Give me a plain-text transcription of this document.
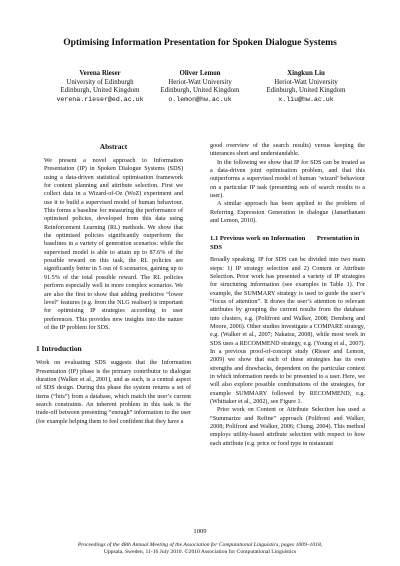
Optimising Information Presentation for Spoken Dialogue Systems
Verena Rieser
University of Edinburgh
Edinburgh, United Kingdom
verena.rieser@ed.ac.uk
Oliver Lemon
Heriot-Watt University
Edinburgh, United Kingdom
o.lemon@hw.ac.uk
Xingkun Liu
Heriot-Watt University
Edinburgh, United Kingdom
x.liu@hw.ac.uk
Abstract

We present a novel approach to Information Presentation (IP) in Spoken Dialogue Systems (SDS) using a data-driven statistical optimisation framework for content planning and attribute selection. First we collect data in a Wizard-of-Oz (WoZ) experiment and use it to build a supervised model of human behaviour. This forms a baseline for measuring the performance of optimised policies, developed from this data using Reinforcement Learning (RL) methods. We show that the optimised policies significantly outperform the baselines in a variety of generation scenarios: while the supervised model is able to attain up to 87.6% of the possible reward on this task, the RL policies are significantly better in 5 out of 6 scenarios, gaining up to 91.5% of the total possible reward. The RL policies perform especially well in more complex scenarios. We are also the first to show that adding predictive “lower level” features (e.g. from the NLG realiser) is important for optimising IP strategies according to user preferences. This provides new insights into the nature of the IP problem for SDS.

1 Introduction

Work on evaluating SDS suggests that the Information Presentation (IP) phase is the primary contributor to dialogue duration (Walker et al., 2001), and as such, is a central aspect of SDS design. During this phase the system returns a set of items (“hits”) from a database, which match the user’s current search constraints. An inherent problem in this task is the trade-off between presenting “enough” information to the user (for example helping them to feel confident that they have a

good overview of the search results) versus keeping the utterances short and understandable.

In the following we show that IP for SDS can be treated as a data-driven joint optimisation problem, and that this outperforms a supervised model of human ‘wizard’ behaviour on a particular IP task (presenting sets of search results to a user).

A similar approach has been applied to the problem of Referring Expression Generation in dialogue (Janarthanam and Lemon, 2010).

1.1 Previous work on Information       Presentation in SDS

Broadly speaking, IP for SDS can be divided into two main steps: 1) IP strategy selection and 2) Content or Attribute Selection. Prior work has presented a variety of IP strategies for structuring information (see examples in Table 1). For example, the SUMMARY strategy is used to guide the user’s “focus of attention”. It draws the user’s attention to relevant attributes by grouping the current results from the database into clusters, e.g. (Polifroni and Walker, 2008; Demberg and Moore, 2006). Other studies investigate a COMPARE strategy, e.g. (Walker et al., 2007; Nakatsu, 2008), while most work in SDS uses a RECOMMEND strategy, e.g. (Young et al., 2007). In a previous proof-of-concept study (Rieser and Lemon, 2009) we show that each of these strategies has its own strengths and drawbacks, dependent on the particular context in which information needs to be presented to a user. Here, we will also explore possible combinations of the strategies, for example SUMMARY followed by RECOMMEND, e.g. (Whittaker et al., 2002), see Figure 1.

Prior work on Content or Attribute Selection has used a “Summarize and Refine” approach (Polifroni and Walker, 2008; Polifroni and Walker, 2006; Chung, 2004). This method employs utility-based attribute selection with respect to how each attribute (e.g. price or food type in restaurant

1009
Proceedings of the 48th Annual Meeting of the Association for Computational Linguistics, pages 1009–1018,
Uppsala, Sweden, 11-16 July 2010. ©2010 Association for Computational Linguistics
